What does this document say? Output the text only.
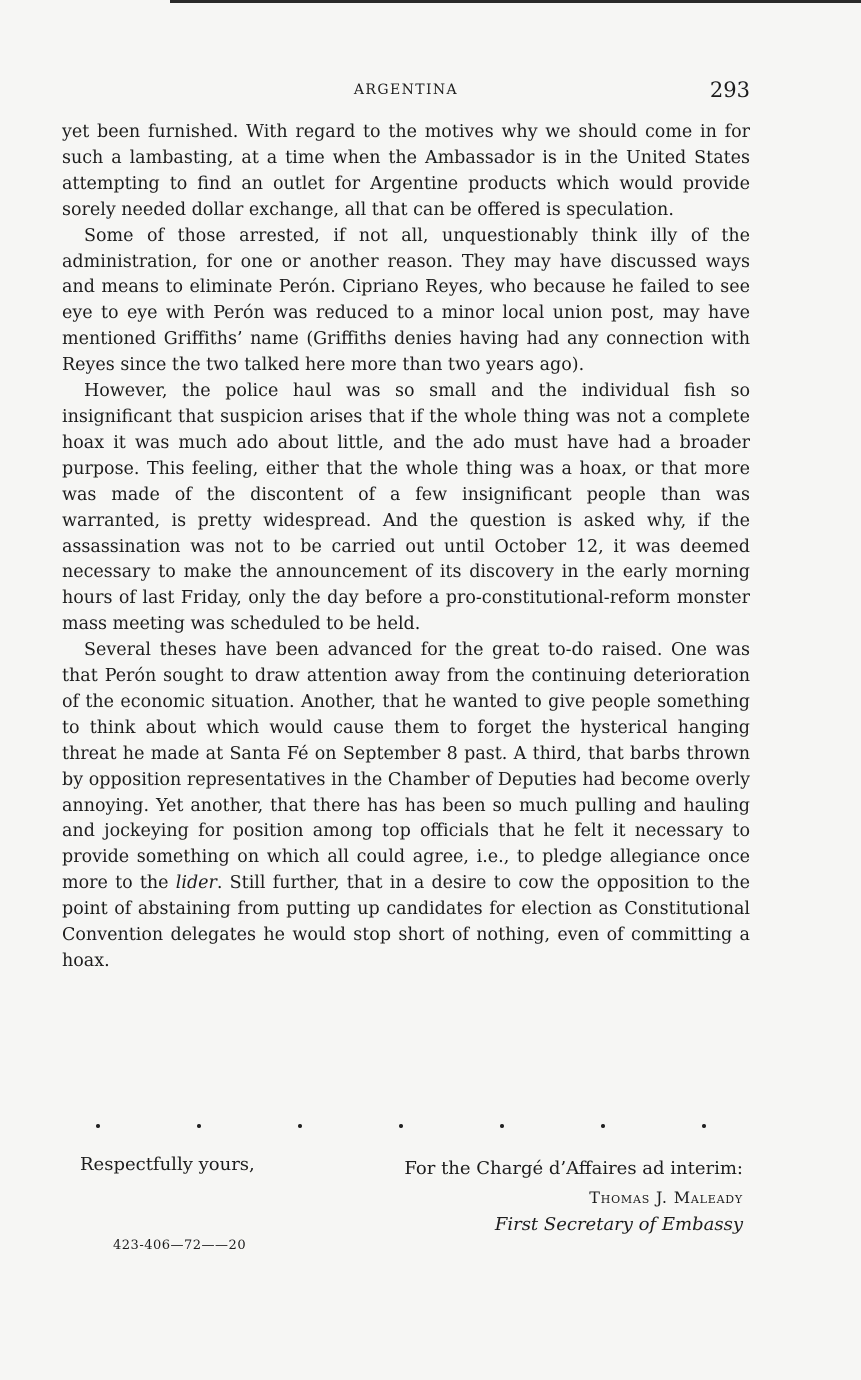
ARGENTINA	293

yet been furnished. With regard to the motives why we should come in for such a lambasting, at a time when the Ambassador is in the United States attempting to find an outlet for Argentine products which would provide sorely needed dollar exchange, all that can be offered is speculation.

Some of those arrested, if not all, unquestionably think illy of the administration, for one or another reason. They may have discussed ways and means to eliminate Perón. Cipriano Reyes, who because he failed to see eye to eye with Perón was reduced to a minor local union post, may have mentioned Griffiths’ name (Griffiths denies having had any connection with Reyes since the two talked here more than two years ago).

However, the police haul was so small and the individual fish so insignificant that suspicion arises that if the whole thing was not a complete hoax it was much ado about little, and the ado must have had a broader purpose. This feeling, either that the whole thing was a hoax, or that more was made of the discontent of a few insignificant people than was warranted, is pretty widespread. And the question is asked why, if the assassination was not to be carried out until October 12, it was deemed necessary to make the announcement of its discovery in the early morning hours of last Friday, only the day before a pro-constitutional-reform monster mass meeting was scheduled to be held.

Several theses have been advanced for the great to-do raised. One was that Perón sought to draw attention away from the continuing deterioration of the economic situation. Another, that he wanted to give people something to think about which would cause them to forget the hysterical hanging threat he made at Santa Fé on September 8 past. A third, that barbs thrown by opposition representatives in the Chamber of Deputies had become overly annoying. Yet another, that there has has been so much pulling and hauling and jockeying for position among top officials that he felt it necessary to provide something on which all could agree, i.e., to pledge allegiance once more to the lider. Still further, that in a desire to cow the opposition to the point of abstaining from putting up candidates for election as Constitutional Convention delegates he would stop short of nothing, even of committing a hoax.

Respectfully yours,	For the Chargé d’Affaires ad interim:
Thomas J. Maleady
First Secretary of Embassy
423-406—72——20
